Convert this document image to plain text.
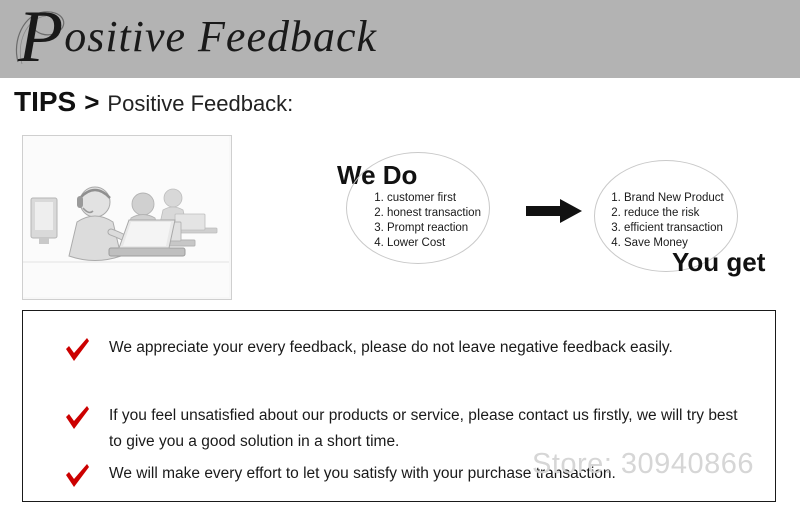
Positive Feedback
TIPS > Positive Feedback:
We Do
1. customer first
2. honest transaction
3. Prompt reaction
4. Lower Cost
1. Brand New Product
2. reduce the risk
3. efficient transaction
4. Save Money
You get
We appreciate your every feedback, please do not leave negative feedback easily.
If you feel unsatisfied about our products or service, please contact us firstly, we will try best to give you a good solution in a short time.
We will make every effort to let you satisfy with your purchase transaction.
Store: 30940866
